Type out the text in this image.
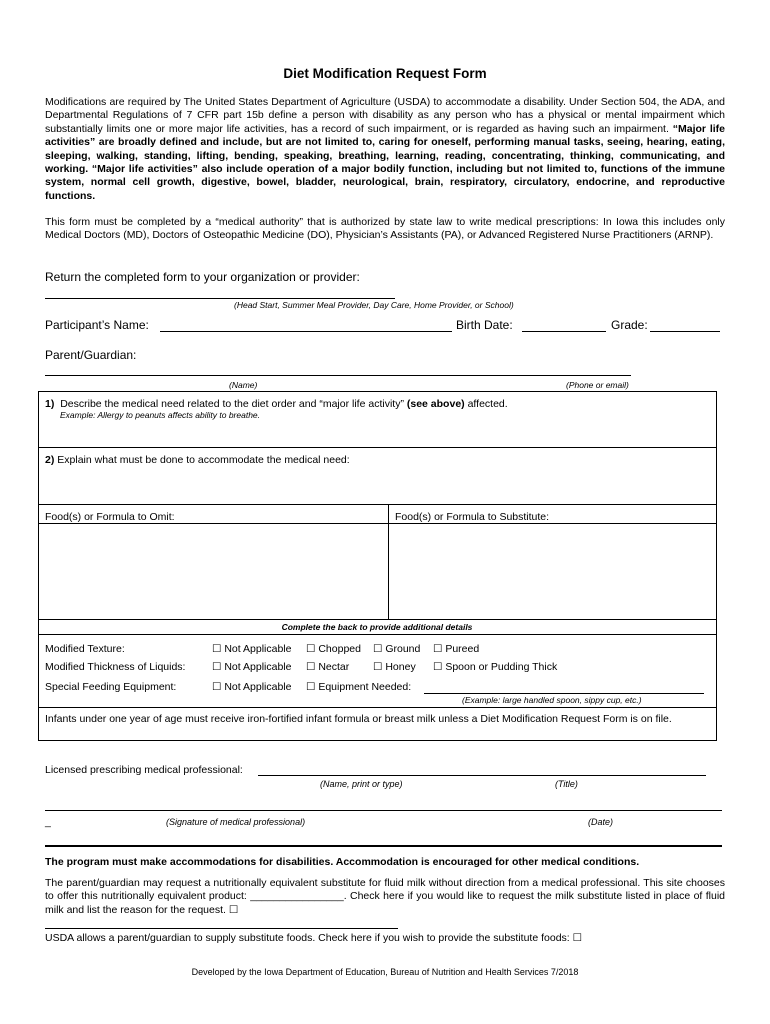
Diet Modification Request Form
Modifications are required by The United States Department of Agriculture (USDA) to accommodate a disability. Under Section 504, the ADA, and Departmental Regulations of 7 CFR part 15b define a person with disability as any person who has a physical or mental impairment which substantially limits one or more major life activities, has a record of such impairment, or is regarded as having such an impairment. “Major life activities” are broadly defined and include, but are not limited to, caring for oneself, performing manual tasks, seeing, hearing, eating, sleeping, walking, standing, lifting, bending, speaking, breathing, learning, reading, concentrating, thinking, communicating, and working. “Major life activities” also include operation of a major bodily function, including but not limited to, functions of the immune system, normal cell growth, digestive, bowel, bladder, neurological, brain, respiratory, circulatory, endocrine, and reproductive functions.
This form must be completed by a “medical authority” that is authorized by state law to write medical prescriptions: In Iowa this includes only Medical Doctors (MD), Doctors of Osteopathic Medicine (DO), Physician’s Assistants (PA), or Advanced Registered Nurse Practitioners (ARNP).
Return the completed form to your organization or provider:
(Head Start, Summer Meal Provider, Day Care, Home Provider, or School)
Participant’s Name:	Birth Date:	Grade:
Parent/Guardian:
(Name)	(Phone or email)
1) Describe the medical need related to the diet order and “major life activity” (see above) affected.
Example: Allergy to peanuts affects ability to breathe.
2) Explain what must be done to accommodate the medical need:
Food(s) or Formula to Omit:	Food(s) or Formula to Substitute:
Complete the back to provide additional details
Modified Texture:	☐ Not Applicable ☐ Chopped ☐ Ground ☐ Pureed
Modified Thickness of Liquids:	☐ Not Applicable ☐ Nectar ☐ Honey ☐ Spoon or Pudding Thick
Special Feeding Equipment:	☐ Not Applicable ☐ Equipment Needed:
(Example: large handled spoon, sippy cup, etc.)
Infants under one year of age must receive iron-fortified infant formula or breast milk unless a Diet Modification Request Form is on file.
Licensed prescribing medical professional:
(Name, print or type)	(Title)
_	(Signature of medical professional)	(Date)
The program must make accommodations for disabilities. Accommodation is encouraged for other medical conditions.
The parent/guardian may request a nutritionally equivalent substitute for fluid milk without direction from a medical professional. This site chooses to offer this nutritionally equivalent product: ________________. Check here if you would like to request the milk substitute listed in place of fluid milk and list the reason for the request. ☐
USDA allows a parent/guardian to supply substitute foods. Check here if you wish to provide the substitute foods: ☐
Developed by the Iowa Department of Education, Bureau of Nutrition and Health Services 7/2018
